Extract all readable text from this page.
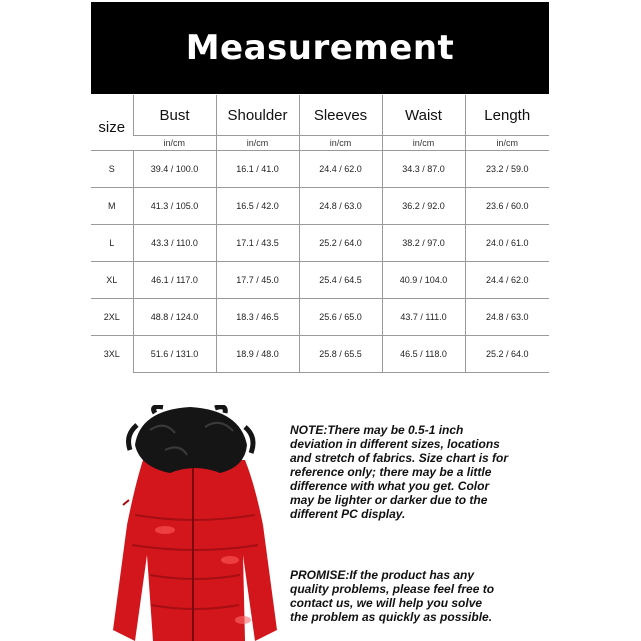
Measurement
size	Bust	Shoulder	Sleeves	Waist	Length
	in/cm	in/cm	in/cm	in/cm	in/cm
S	39.4 / 100.0	16.1 / 41.0	24.4 / 62.0	34.3 / 87.0	23.2 / 59.0
M	41.3 / 105.0	16.5 / 42.0	24.8 / 63.0	36.2 / 92.0	23.6 / 60.0
L	43.3 / 110.0	17.1 / 43.5	25.2 / 64.0	38.2 / 97.0	24.0 / 61.0
XL	46.1 / 117.0	17.7 / 45.0	25.4 / 64.5	40.9 / 104.0	24.4 / 62.0
2XL	48.8 / 124.0	18.3 / 46.5	25.6 / 65.0	43.7 / 111.0	24.8 / 63.0
3XL	51.6 / 131.0	18.9 / 48.0	25.8 / 65.5	46.5 / 118.0	25.2 / 64.0
NOTE:There may be 0.5-1 inch
deviation in different sizes, locations
and stretch of fabrics. Size chart is for
reference only; there may be a little
difference with what you get. Color
may be lighter or darker due to the
different PC display.
PROMISE:If the product has any
quality problems, please feel free to
contact us, we will help you solve
the problem as quickly as possible.
